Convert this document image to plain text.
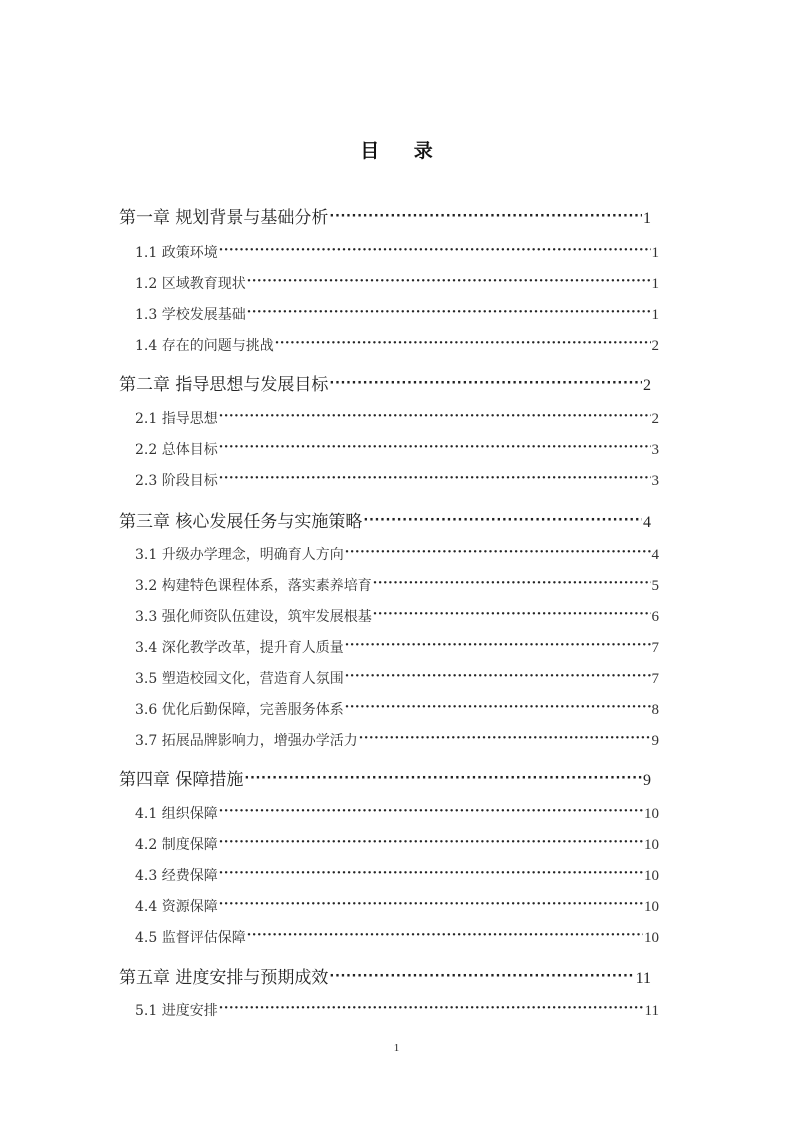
目 录
第一章 规划背景与基础分析 ·····	1
1.1 政策环境 ·····	1
1.2 区域教育现状 ·····	1
1.3 学校发展基础 ·····	1
1.4 存在的问题与挑战 ·····	2
第二章 指导思想与发展目标 ·····	2
2.1 指导思想 ·····	2
2.2 总体目标 ·····	3
2.3 阶段目标 ·····	3
第三章 核心发展任务与实施策略 ·····	4
3.1 升级办学理念，明确育人方向 ·····	4
3.2 构建特色课程体系，落实素养培育 ·····	5
3.3 强化师资队伍建设，筑牢发展根基 ·····	6
3.4 深化教学改革，提升育人质量 ·····	7
3.5 塑造校园文化，营造育人氛围 ·····	7
3.6 优化后勤保障，完善服务体系 ·····	8
3.7 拓展品牌影响力，增强办学活力 ·····	9
第四章 保障措施 ·····	9
4.1 组织保障 ·····	10
4.2 制度保障 ·····	10
4.3 经费保障 ·····	10
4.4 资源保障 ·····	10
4.5 监督评估保障 ·····	10
第五章 进度安排与预期成效 ·····	11
5.1 进度安排 ·····	11
1
